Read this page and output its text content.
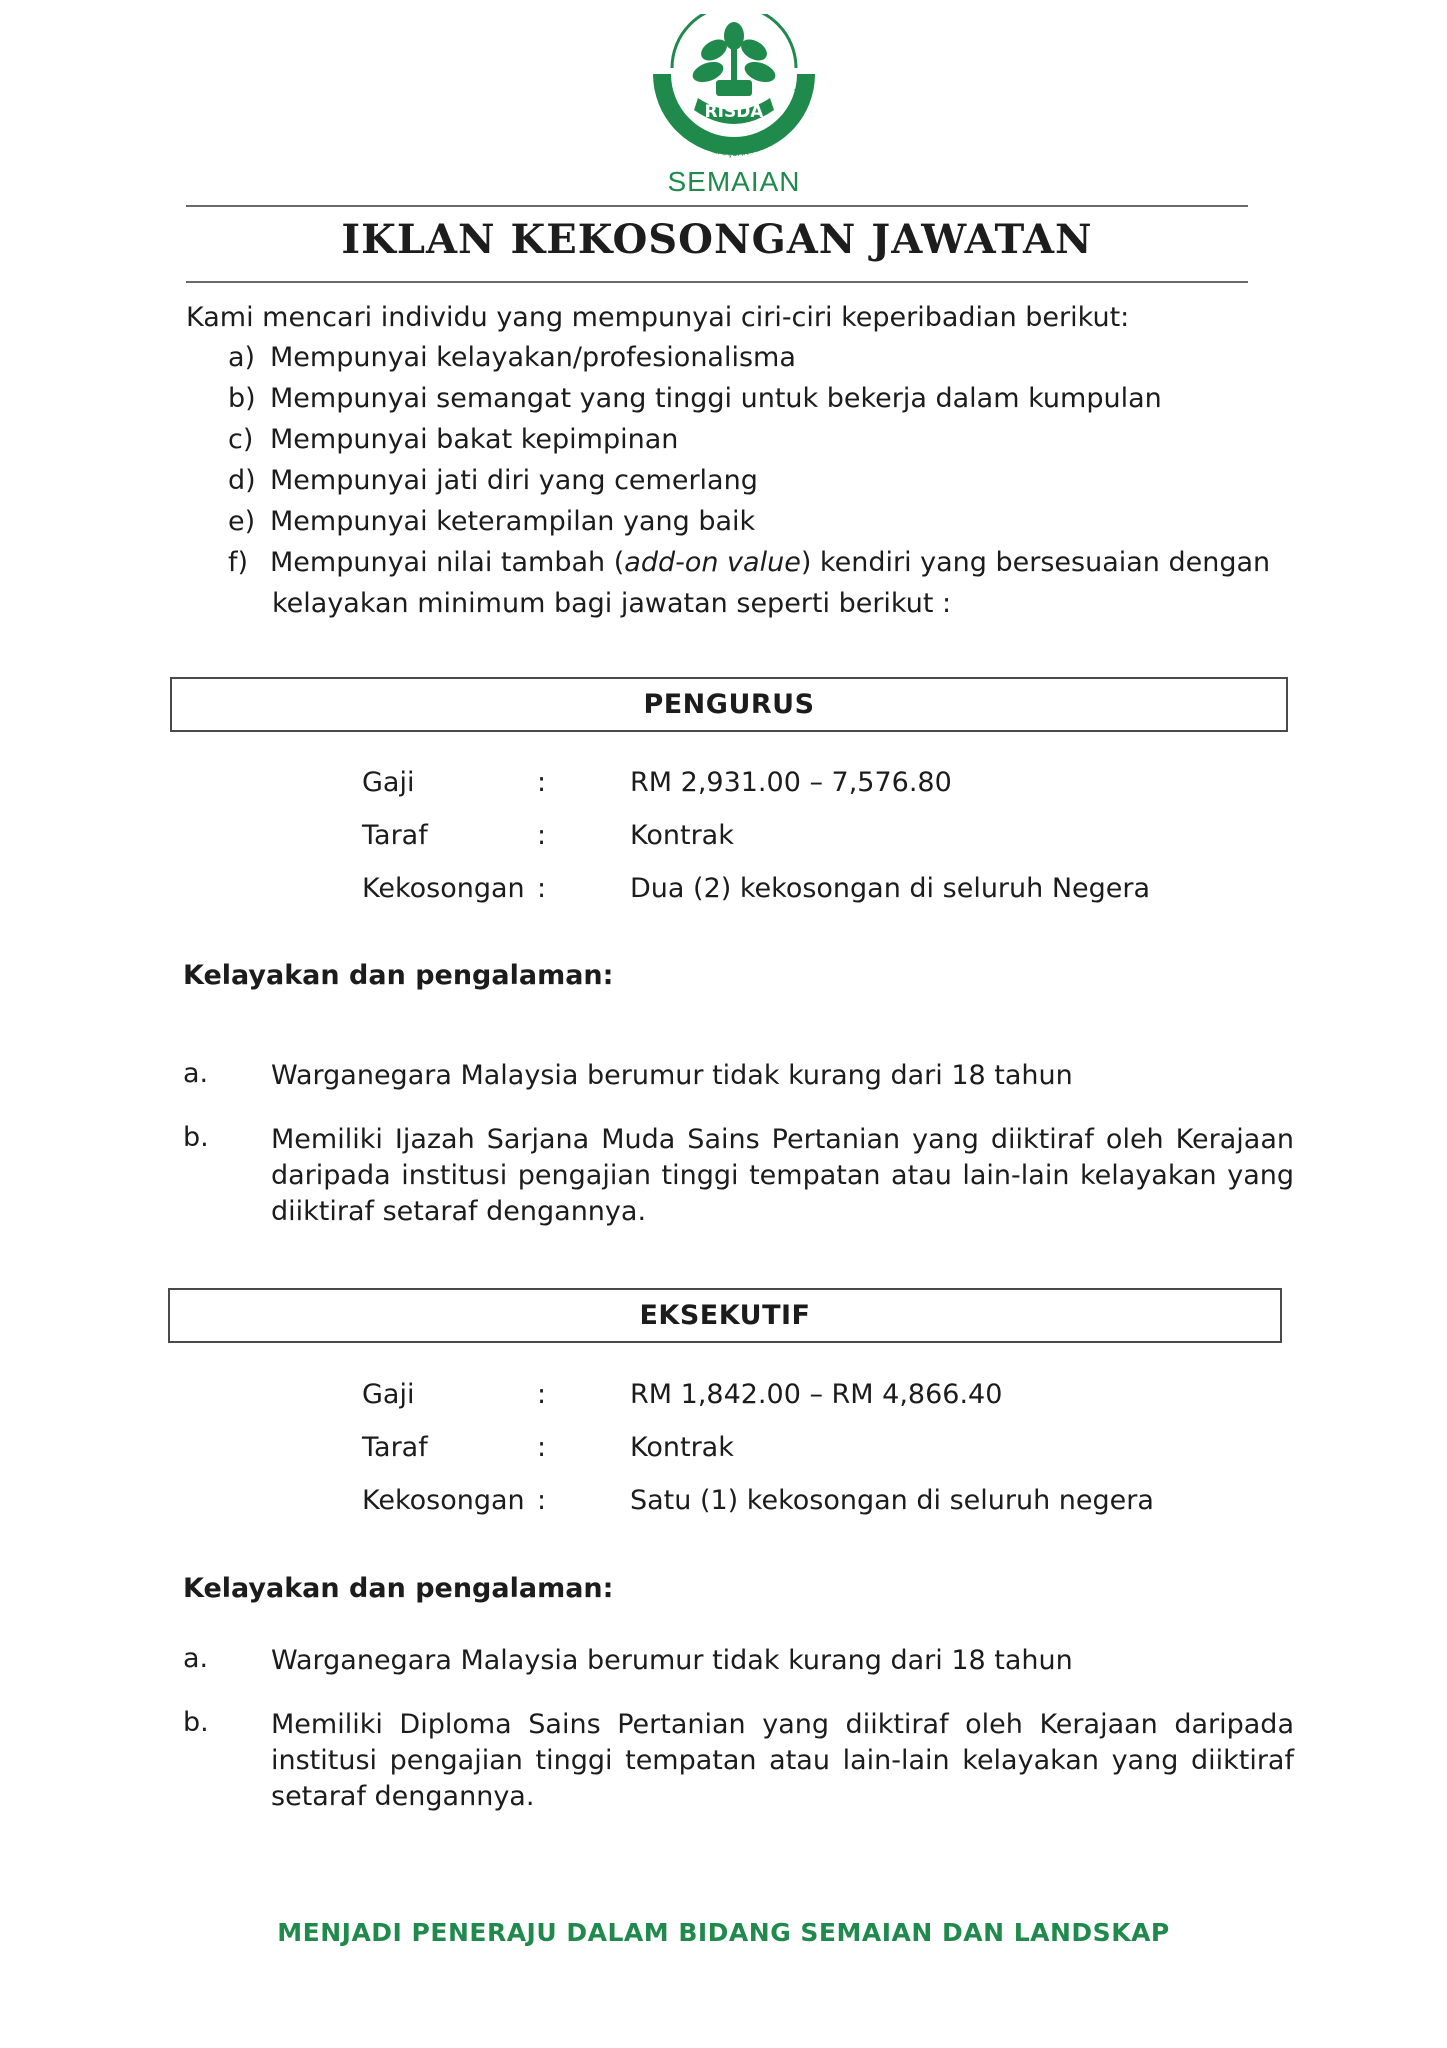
RISDA
PIHAK BERKUASA KEMAJUAN PEKEBUN KECIL PERU
SEMAIAN
IKLAN KEKOSONGAN JAWATAN
Kami mencari individu yang mempunyai ciri-ciri keperibadian berikut:
a) Mempunyai kelayakan/profesionalisma
b) Mempunyai semangat yang tinggi untuk bekerja dalam kumpulan
c) Mempunyai bakat kepimpinan
d) Mempunyai jati diri yang cemerlang
e) Mempunyai keterampilan yang baik
f) Mempunyai nilai tambah (add-on value) kendiri yang bersesuaian dengan
kelayakan minimum bagi jawatan seperti berikut :
PENGURUS
Gaji	:	RM 2,931.00 – 7,576.80
Taraf	:	Kontrak
Kekosongan :	Dua (2) kekosongan di seluruh Negera
Kelayakan dan pengalaman:
a. Warganegara Malaysia berumur tidak kurang dari 18 tahun
b. Memiliki Ijazah Sarjana Muda Sains Pertanian yang diiktiraf oleh Kerajaan daripada institusi pengajian tinggi tempatan atau lain-lain kelayakan yang diiktiraf setaraf dengannya.
EKSEKUTIF
Gaji	:	RM 1,842.00 – RM 4,866.40
Taraf	:	Kontrak
Kekosongan :	Satu (1) kekosongan di seluruh negera
Kelayakan dan pengalaman:
a. Warganegara Malaysia berumur tidak kurang dari 18 tahun
b. Memiliki Diploma Sains Pertanian yang diiktiraf oleh Kerajaan daripada institusi pengajian tinggi tempatan atau lain-lain kelayakan yang diiktiraf setaraf dengannya.
MENJADI PENERAJU DALAM BIDANG SEMAIAN DAN LANDSKAP
